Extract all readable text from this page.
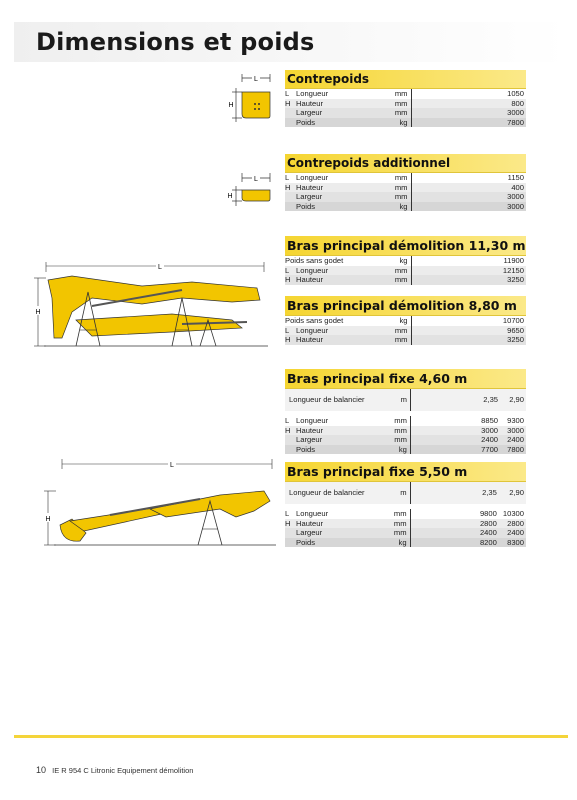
Dimensions et poids
L
H
L
H
L
H
L
H
Contrepoids
L Longueur	mm	1050
H Hauteur	mm	800
Largeur	mm	3000
Poids	kg	7800
Contrepoids additionnel
L Longueur	mm	1150
H Hauteur	mm	400
Largeur	mm	3000
Poids	kg	3000
Bras principal démolition 11,30 m
Poids sans godet	kg	11900
L Longueur	mm	12150
H Hauteur	mm	3250
Bras principal démolition 8,80 m
Poids sans godet	kg	10700
L Longueur	mm	9650
H Hauteur	mm	3250
Bras principal fixe 4,60 m
Longueur de balancier	m	2,35	2,90

L Longueur	mm	8850	9300
H Hauteur	mm	3000	3000
Largeur	mm	2400	2400
Poids	kg	7700	7800
Bras principal fixe 5,50 m
Longueur de balancier	m	2,35	2,90

L Longueur	mm	9800	10300
H Hauteur	mm	2800	2800
Largeur	mm	2400	2400
Poids	kg	8200	8300
10 IE R 954 C Litronic Equipement démolition
